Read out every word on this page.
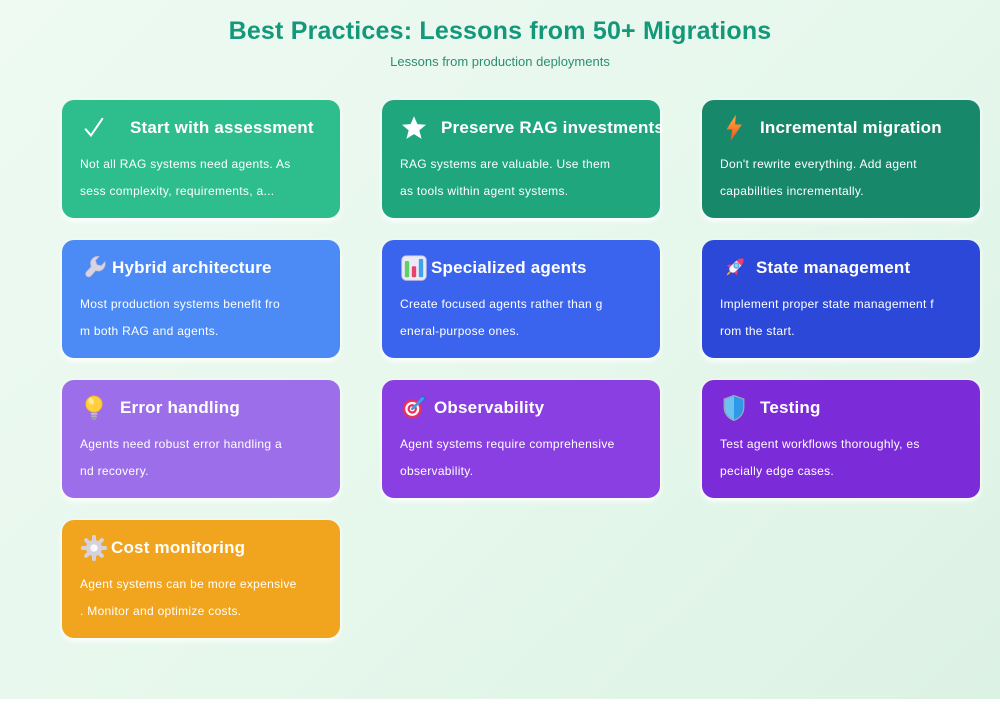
Best Practices: Lessons from 50+ Migrations
Lessons from production deployments
Start with assessment
Not all RAG systems need agents. As
sess complexity, requirements, a...
Preserve RAG investments
RAG systems are valuable. Use them
as tools within agent systems.
Incremental migration
Don't rewrite everything. Add agent
capabilities incrementally.
Hybrid architecture
Most production systems benefit fro
m both RAG and agents.
Specialized agents
Create focused agents rather than g
eneral-purpose ones.
State management
Implement proper state management f
rom the start.
Error handling
Agents need robust error handling a
nd recovery.
Observability
Agent systems require comprehensive
observability.
Testing
Test agent workflows thoroughly, es
pecially edge cases.
Cost monitoring
Agent systems can be more expensive
. Monitor and optimize costs.
